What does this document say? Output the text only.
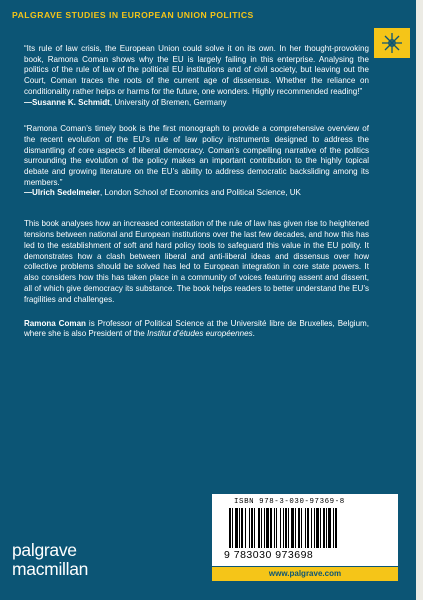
PALGRAVE STUDIES IN EUROPEAN UNION POLITICS

“Its rule of law crisis, the European Union could solve it on its own. In her thought-provoking book, Ramona Coman shows why the EU is largely failing in this enterprise. Analysing the politics of the rule of law of the political EU institutions and of civil society, but leaving out the Court, Coman traces the roots of the current age of dissensus. Whether the reliance on conditionality rather helps or harms for the future, one wonders. Highly recommended reading!”

—Susanne K. Schmidt, University of Bremen, Germany

“Ramona Coman’s timely book is the first monograph to provide a comprehensive overview of the recent evolution of the EU’s rule of law policy instruments designed to address the dismantling of core aspects of liberal democracy. Coman’s compelling narrative of the politics surrounding the evolution of the policy makes an important contribution to the highly topical debate and growing literature on the EU’s ability to address democratic backsliding among its members.”

—Ulrich Sedelmeier, London School of Economics and Political Science, UK

This book analyses how an increased contestation of the rule of law has given rise to heightened tensions between national and European institutions over the last few decades, and how this has led to the establishment of soft and hard policy tools to safeguard this value in the EU polity. It demonstrates how a clash between liberal and anti-liberal ideas and dissensus over how collective problems should be solved has led to European integration in core state powers. It also considers how this has taken place in a community of voices featuring assent and dissent, all of which give democracy its substance. The book helps readers to better understand the EU’s fragilities and challenges.

Ramona Coman is Professor of Political Science at the Université libre de Bruxelles, Belgium, where she is also President of the Institut d’études européennes.

ISBN 978-3-030-97369-8
9 783030 973698
www.palgrave.com
palgrave
macmillan
